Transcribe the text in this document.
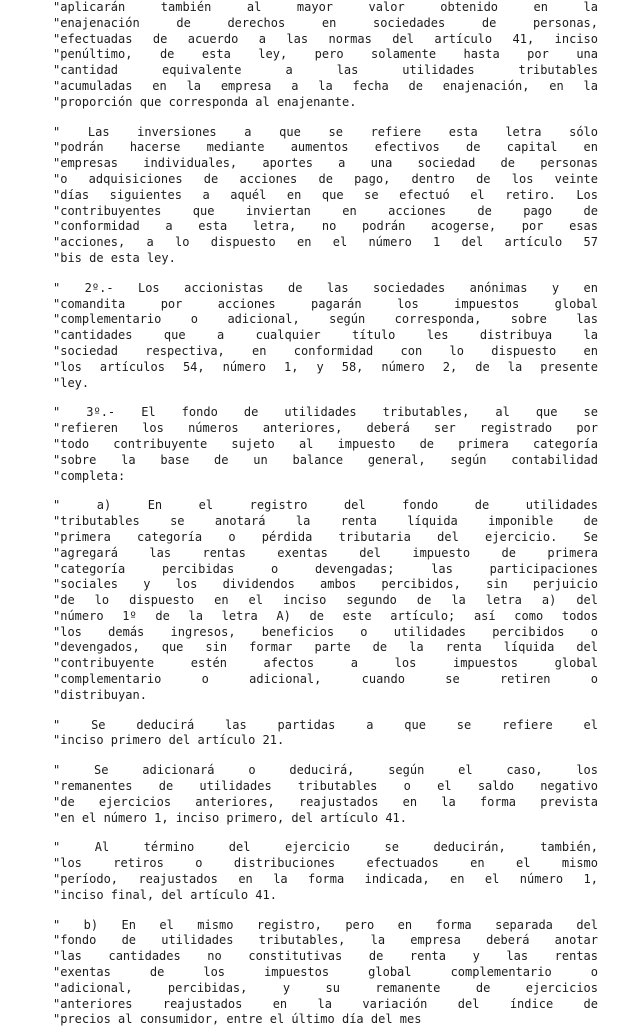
"aplicarán también al mayor valor obtenido en la
"enajenación de derechos en sociedades de personas,
"efectuadas de acuerdo a las normas del artículo 41, inciso
"penúltimo, de esta ley, pero solamente hasta por una
"cantidad equivalente a las utilidades tributables
"acumuladas en la empresa a la fecha de enajenación, en la
"proporción que corresponda al enajenante.
" Las inversiones a que se refiere esta letra sólo
"podrán hacerse mediante aumentos efectivos de capital en
"empresas individuales, aportes a una sociedad de personas
"o adquisiciones de acciones de pago, dentro de los veinte
"días siguientes a aquél en que se efectuó el retiro. Los
"contribuyentes que inviertan en acciones de pago de
"conformidad a esta letra, no podrán acogerse, por esas
"acciones, a lo dispuesto en el número 1 del artículo 57
"bis de esta ley.
" 2º.- Los accionistas de las sociedades anónimas y en
"comandita por acciones pagarán los impuestos global
"complementario o adicional, según corresponda, sobre las
"cantidades que a cualquier título les distribuya la
"sociedad respectiva, en conformidad con lo dispuesto en
"los artículos 54, número 1, y 58, número 2, de la presente
"ley.
" 3º.- El fondo de utilidades tributables, al que se
"refieren los números anteriores, deberá ser registrado por
"todo contribuyente sujeto al impuesto de primera categoría
"sobre la base de un balance general, según contabilidad
"completa:
" a) En el registro del fondo de utilidades
"tributables se anotará la renta líquida imponible de
"primera categoría o pérdida tributaria del ejercicio. Se
"agregará las rentas exentas del impuesto de primera
"categoría percibidas o devengadas; las participaciones
"sociales y los dividendos ambos percibidos, sin perjuicio
"de lo dispuesto en el inciso segundo de la letra a) del
"número 1º de la letra A) de este artículo; así como todos
"los demás ingresos, beneficios o utilidades percibidos o
"devengados, que sin formar parte de la renta líquida del
"contribuyente estén afectos a los impuestos global
"complementario o adicional, cuando se retiren o
"distribuyan.
" Se deducirá las partidas a que se refiere el
"inciso primero del artículo 21.
" Se adicionará o deducirá, según el caso, los
"remanentes de utilidades tributables o el saldo negativo
"de ejercicios anteriores, reajustados en la forma prevista
"en el número 1, inciso primero, del artículo 41.
" Al término del ejercicio se deducirán, también,
"los retiros o distribuciones efectuados en el mismo
"período, reajustados en la forma indicada, en el número 1,
"inciso final, del artículo 41.
" b) En el mismo registro, pero en forma separada del
"fondo de utilidades tributables, la empresa deberá anotar
"las cantidades no constitutivas de renta y las rentas
"exentas de los impuestos global complementario o
"adicional, percibidas, y su remanente de ejercicios
"anteriores reajustados en la variación del índice de
"precios al consumidor, entre el último día del mes
